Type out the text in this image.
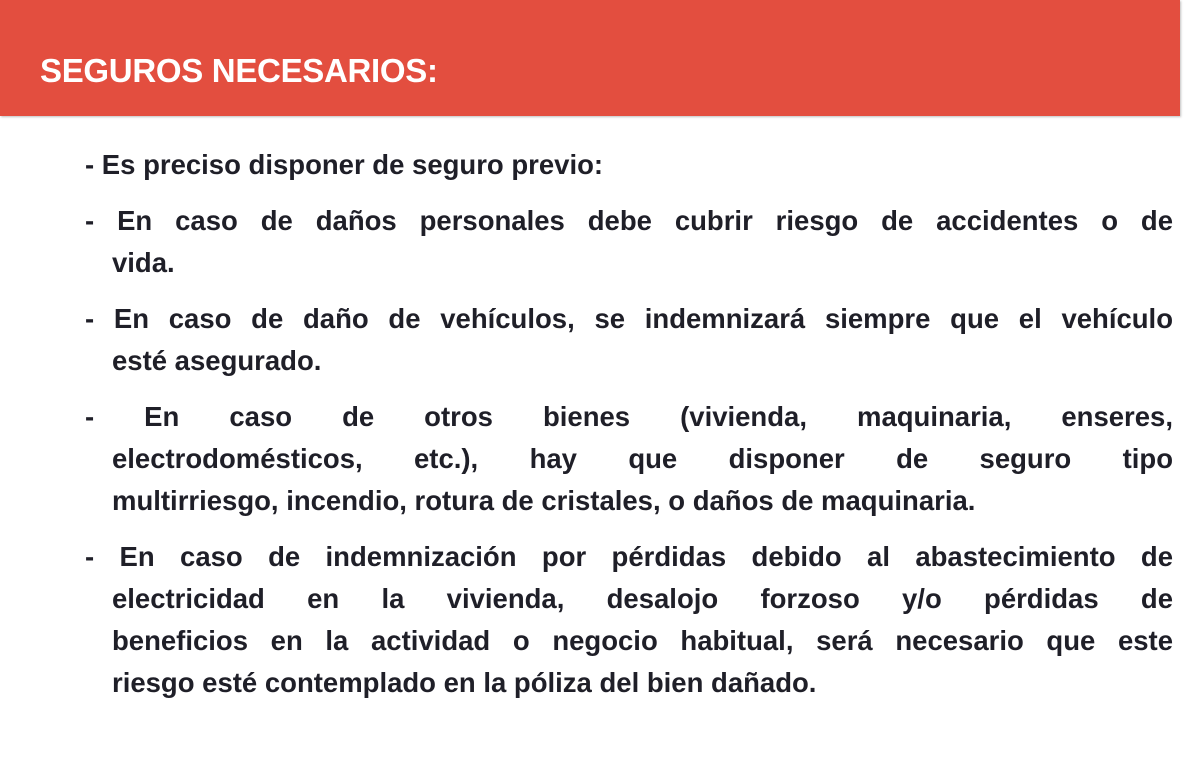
SEGUROS NECESARIOS:
- Es preciso disponer de seguro previo:
- En caso de daños personales debe cubrir riesgo de accidentes o de
vida.
- En caso de daño de vehículos, se indemnizará siempre que el vehículo
esté asegurado.
- En caso de otros bienes (vivienda, maquinaria, enseres,
electrodomésticos, etc.), hay que disponer de seguro tipo
multirriesgo, incendio, rotura de cristales, o daños de maquinaria.
- En caso de indemnización por pérdidas debido al abastecimiento de
electricidad en la vivienda, desalojo forzoso y/o pérdidas de
beneficios en la actividad o negocio habitual, será necesario que este
riesgo esté contemplado en la póliza del bien dañado.
